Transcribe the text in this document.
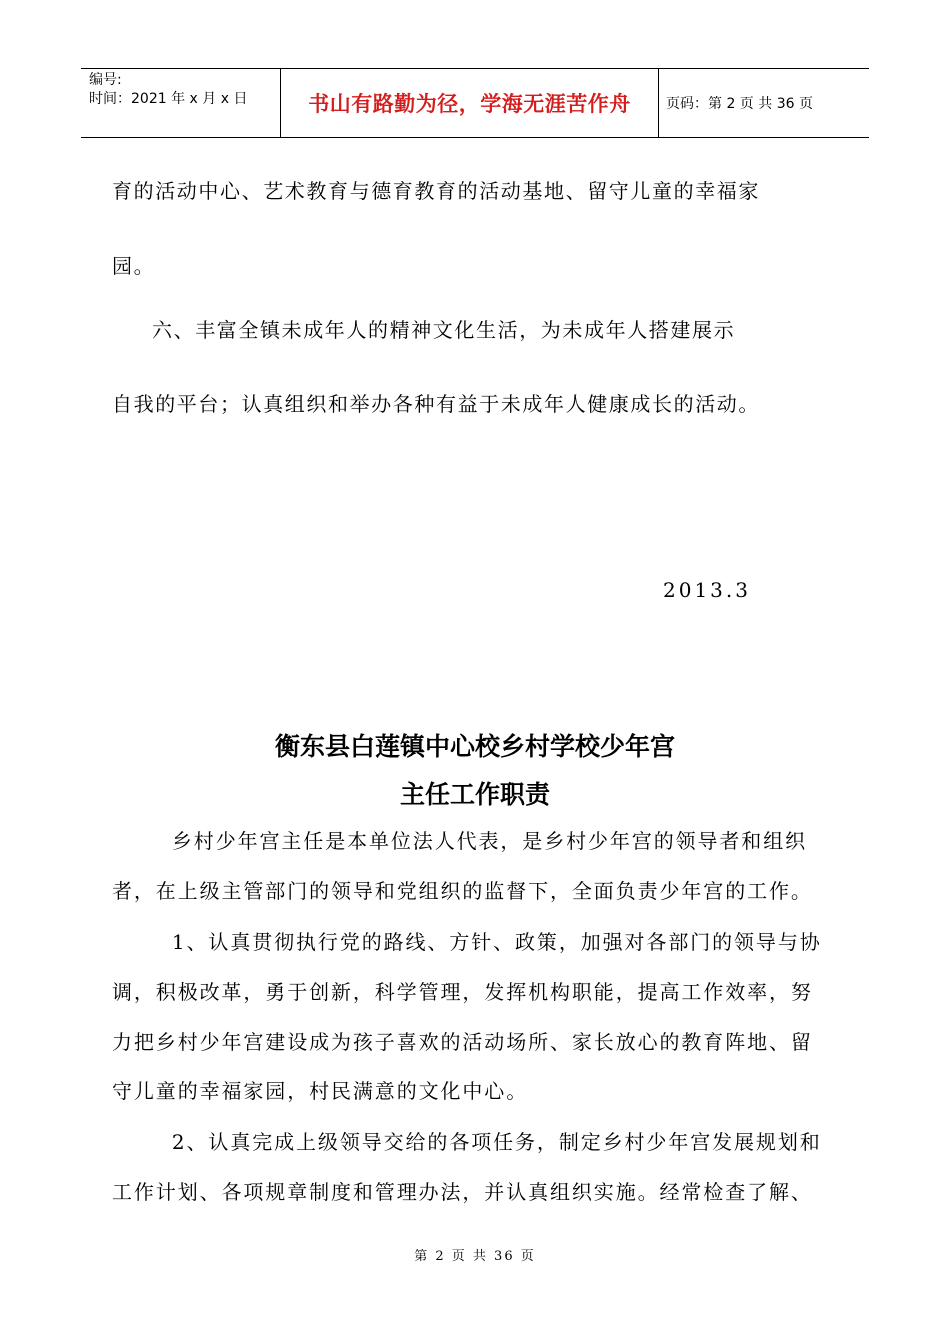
编号:
时间：2021 年 x 月 x 日	书山有路勤为径，学海无涯苦作舟	页码：第 2 页 共 36 页
育的活动中心、艺术教育与德育教育的活动基地、留守儿童的幸福家
园。
六、丰富全镇未成年人的精神文化生活，为未成年人搭建展示
自我的平台；认真组织和举办各种有益于未成年人健康成长的活动。
2013.3
衡东县白莲镇中心校乡村学校少年宫
主任工作职责
　乡村少年宫主任是本单位法人代表，是乡村少年宫的领导者和组织
者，在上级主管部门的领导和党组织的监督下，全面负责少年宫的工作。
　1、认真贯彻执行党的路线、方针、政策，加强对各部门的领导与协
调，积极改革，勇于创新，科学管理，发挥机构职能，提高工作效率，努
力把乡村少年宫建设成为孩子喜欢的活动场所、家长放心的教育阵地、留
守儿童的幸福家园，村民满意的文化中心。
　2、认真完成上级领导交给的各项任务，制定乡村少年宫发展规划和
工作计划、各项规章制度和管理办法，并认真组织实施。经常检查了解、
第 2 页 共 36 页
